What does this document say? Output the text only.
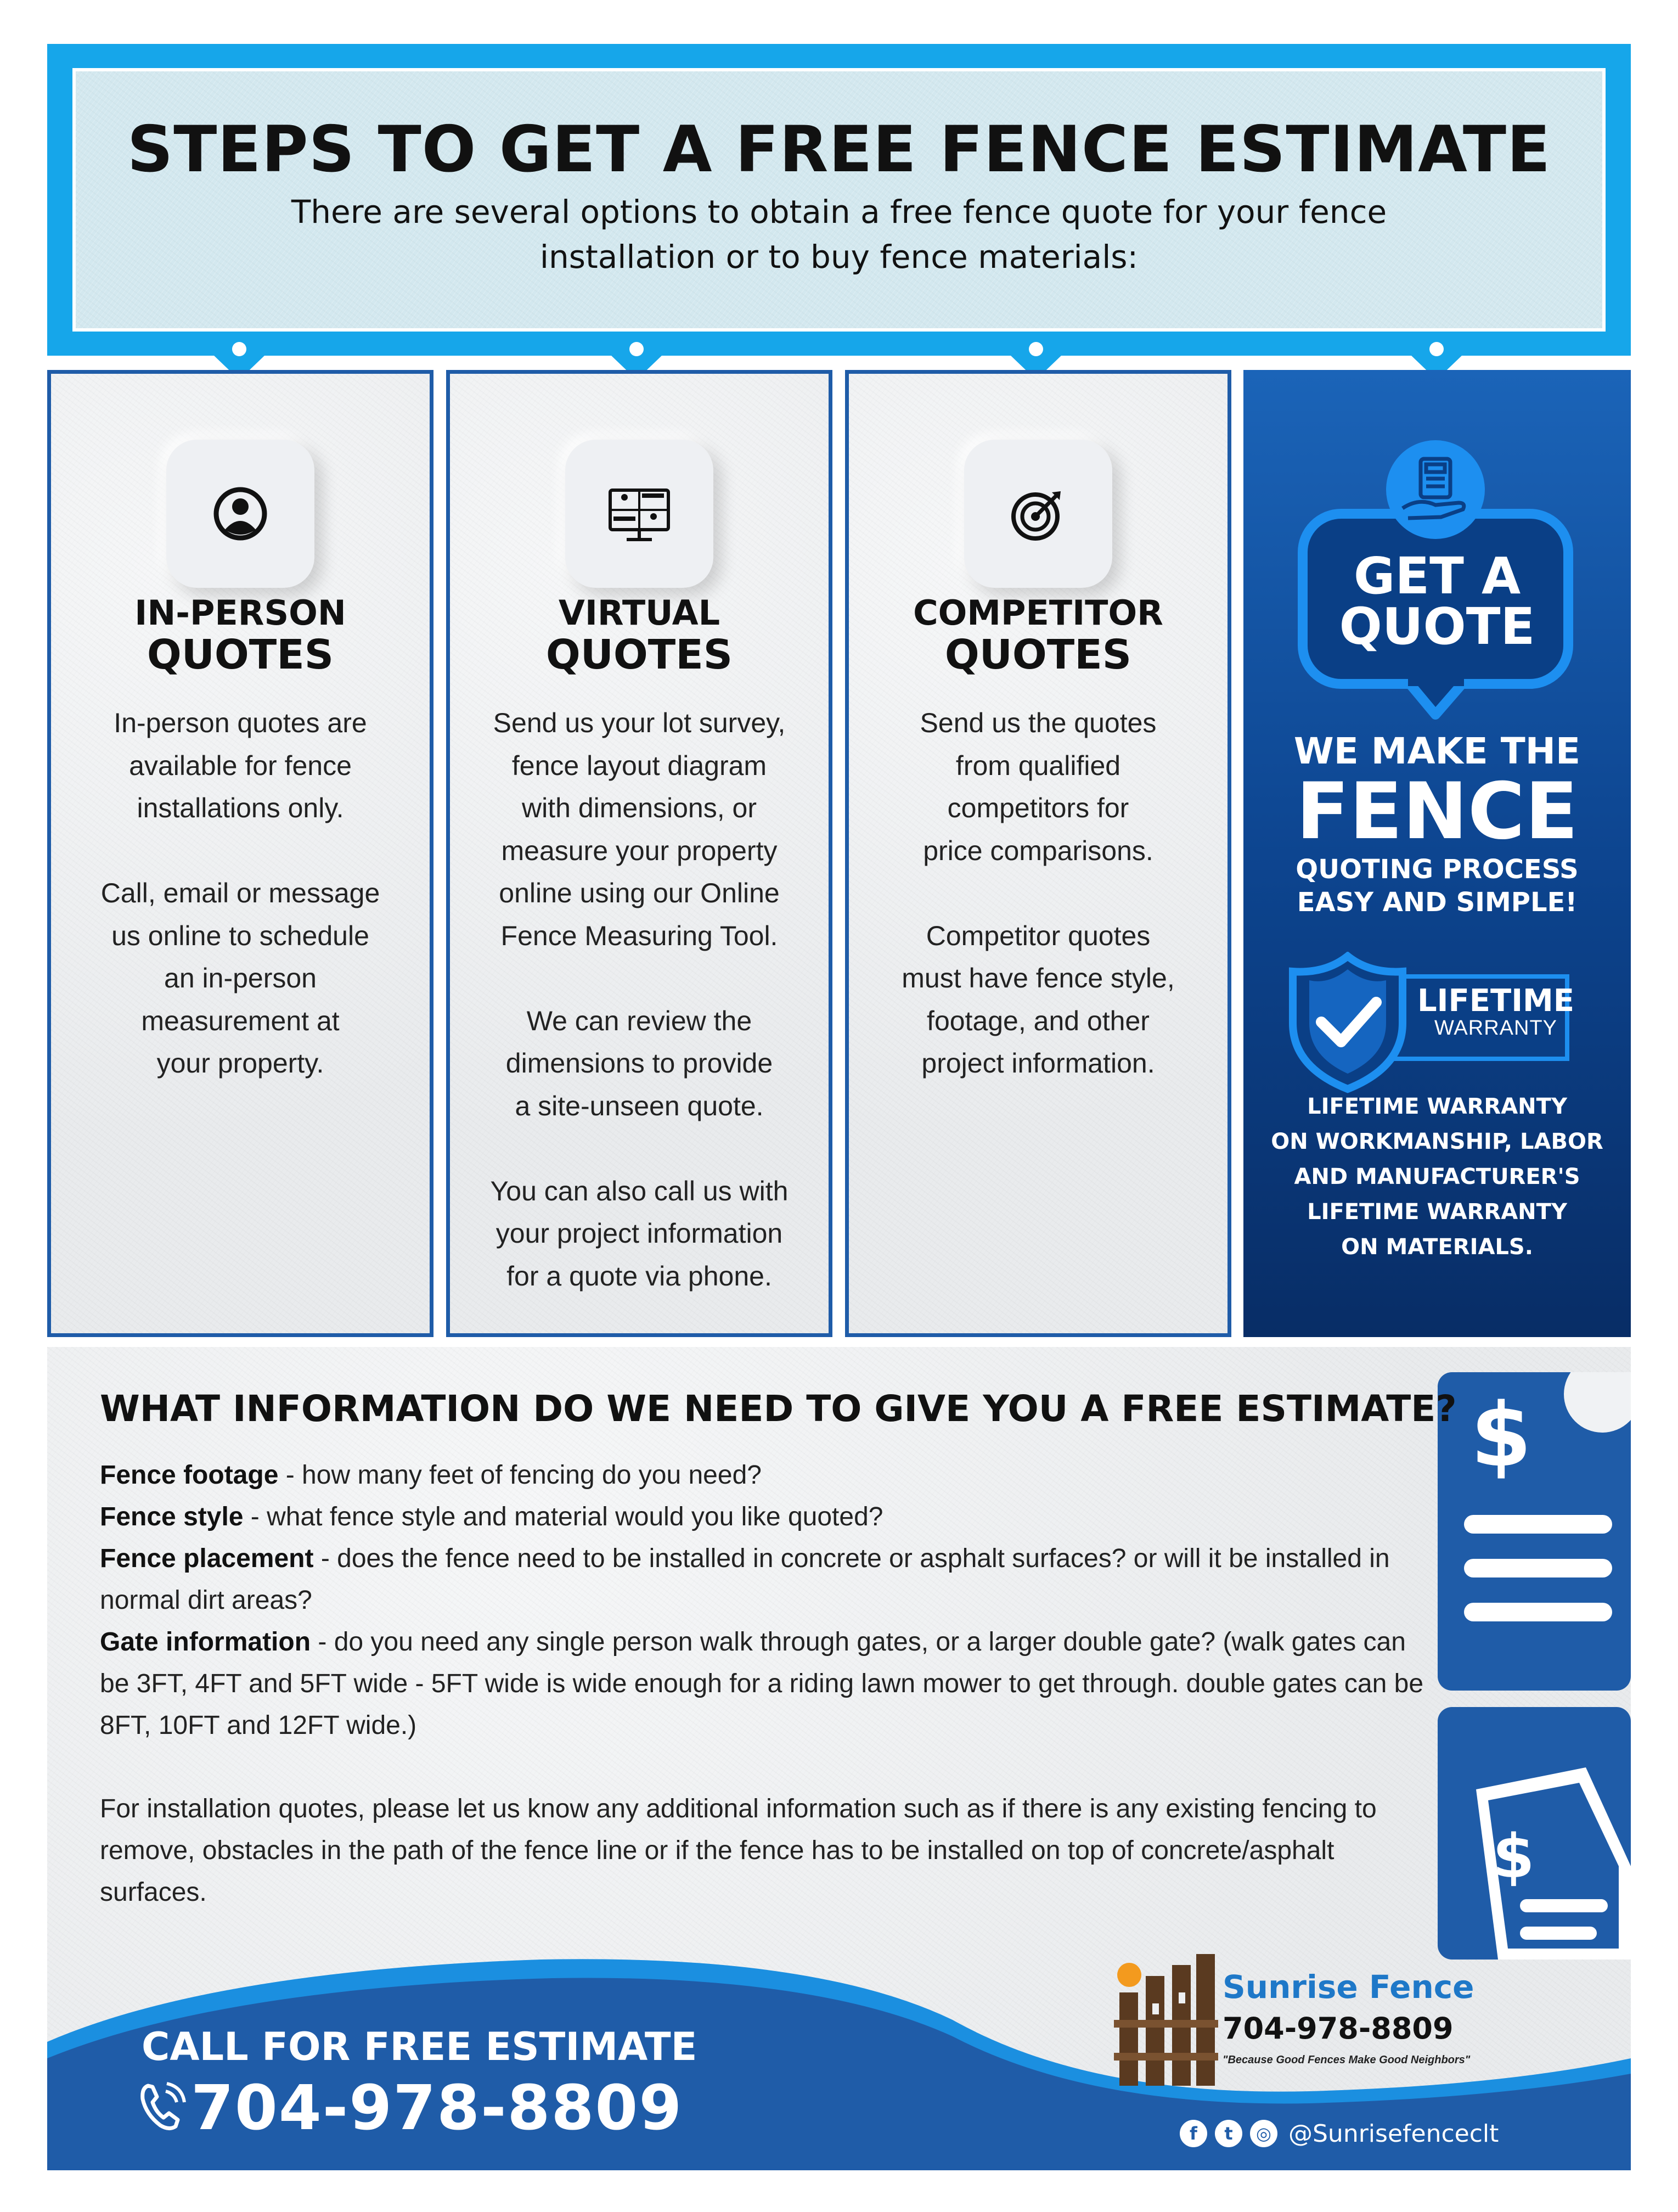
STEPS TO GET A FREE FENCE ESTIMATE
There are several options to obtain a free fence quote for your fence installation or to buy fence materials:
IN-PERSON
QUOTES
In-person quotes are
available for fence
installations only.

Call, email or message
us online to schedule
an in-person
measurement at
your property.
VIRTUAL
QUOTES
Send us your lot survey,
fence layout diagram
with dimensions, or
measure your property
online using our Online
Fence Measuring Tool.

We can review the
dimensions to provide
a site-unseen quote.

You can also call us with
your project information
for a quote via phone.
COMPETITOR
QUOTES
Send us the quotes
from qualified
competitors for
price comparisons.

Competitor quotes
must have fence style,
footage, and other
project information.
GET A
QUOTE
WE MAKE THE
FENCE
QUOTING PROCESS
EASY AND SIMPLE!
LIFETIME
WARRANTY
LIFETIME WARRANTY
ON WORKMANSHIP, LABOR
AND MANUFACTURER'S
LIFETIME WARRANTY
ON MATERIALS.
$
$
WHAT INFORMATION DO WE NEED TO GIVE YOU A FREE ESTIMATE?

Fence footage - how many feet of fencing do you need?

Fence style - what fence style and material would you like quoted?

Fence placement - does the fence need to be installed in concrete or asphalt surfaces? or will it be installed in normal dirt areas?

Gate information - do you need any single person walk through gates, or a larger double gate? (walk gates can be 3FT, 4FT and 5FT wide - 5FT wide is wide enough for a riding lawn mower to get through. double gates can be 8FT, 10FT and 12FT wide.)

For installation quotes, please let us know any additional information such as if there is any existing fencing to remove, obstacles in the path of the fence line or if the fence has to be installed on top of concrete/asphalt surfaces.

CALL FOR FREE ESTIMATE
704-978-8809
Sunrise Fence
704-978-8809
"Because Good Fences Make Good Neighbors"
f	t	◎ @Sunrisefenceclt
